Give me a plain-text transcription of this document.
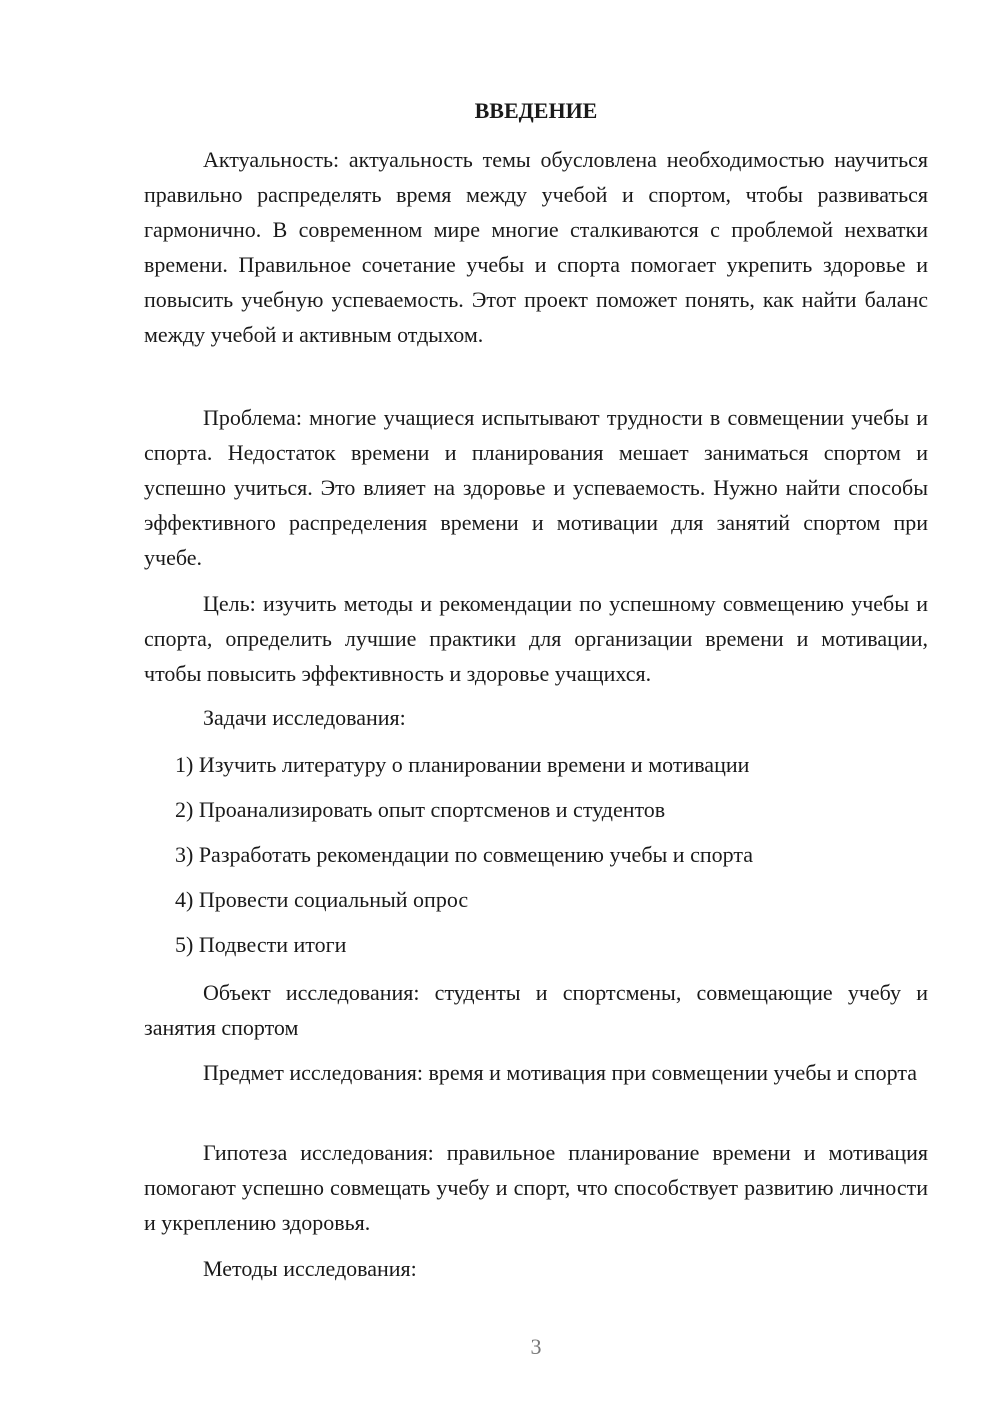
ВВЕДЕНИЕ

Актуальность: актуальность темы обусловлена необходимостью научиться правильно распределять время между учебой и спортом, чтобы развиваться гармонично. В современном мире многие сталкиваются с проблемой нехватки времени. Правильное сочетание учебы и спорта помогает укрепить здоровье и повысить учебную успеваемость. Этот проект поможет понять, как найти баланс между учебой и активным отдыхом.

Проблема: многие учащиеся испытывают трудности в совмещении учебы и спорта. Недостаток времени и планирования мешает заниматься спортом и успешно учиться. Это влияет на здоровье и успеваемость. Нужно найти способы эффективного распределения времени и мотивации для занятий спортом при учебе.

Цель: изучить методы и рекомендации по успешному совмещению учебы и спорта, определить лучшие практики для организации времени и мотивации, чтобы повысить эффективность и здоровье учащихся.

Задачи исследования:

1) Изучить литературу о планировании времени и мотивации

2) Проанализировать опыт спортсменов и студентов

3) Разработать рекомендации по совмещению учебы и спорта

4) Провести социальный опрос

5) Подвести итоги

Объект исследования: студенты и спортсмены, совмещающие учебу и занятия спортом

Предмет исследования: время и мотивация при совмещении учебы и спорта

Гипотеза исследования: правильное планирование времени и мотивация помогают успешно совмещать учебу и спорт, что способствует развитию личности и укреплению здоровья.

Методы исследования:

3
